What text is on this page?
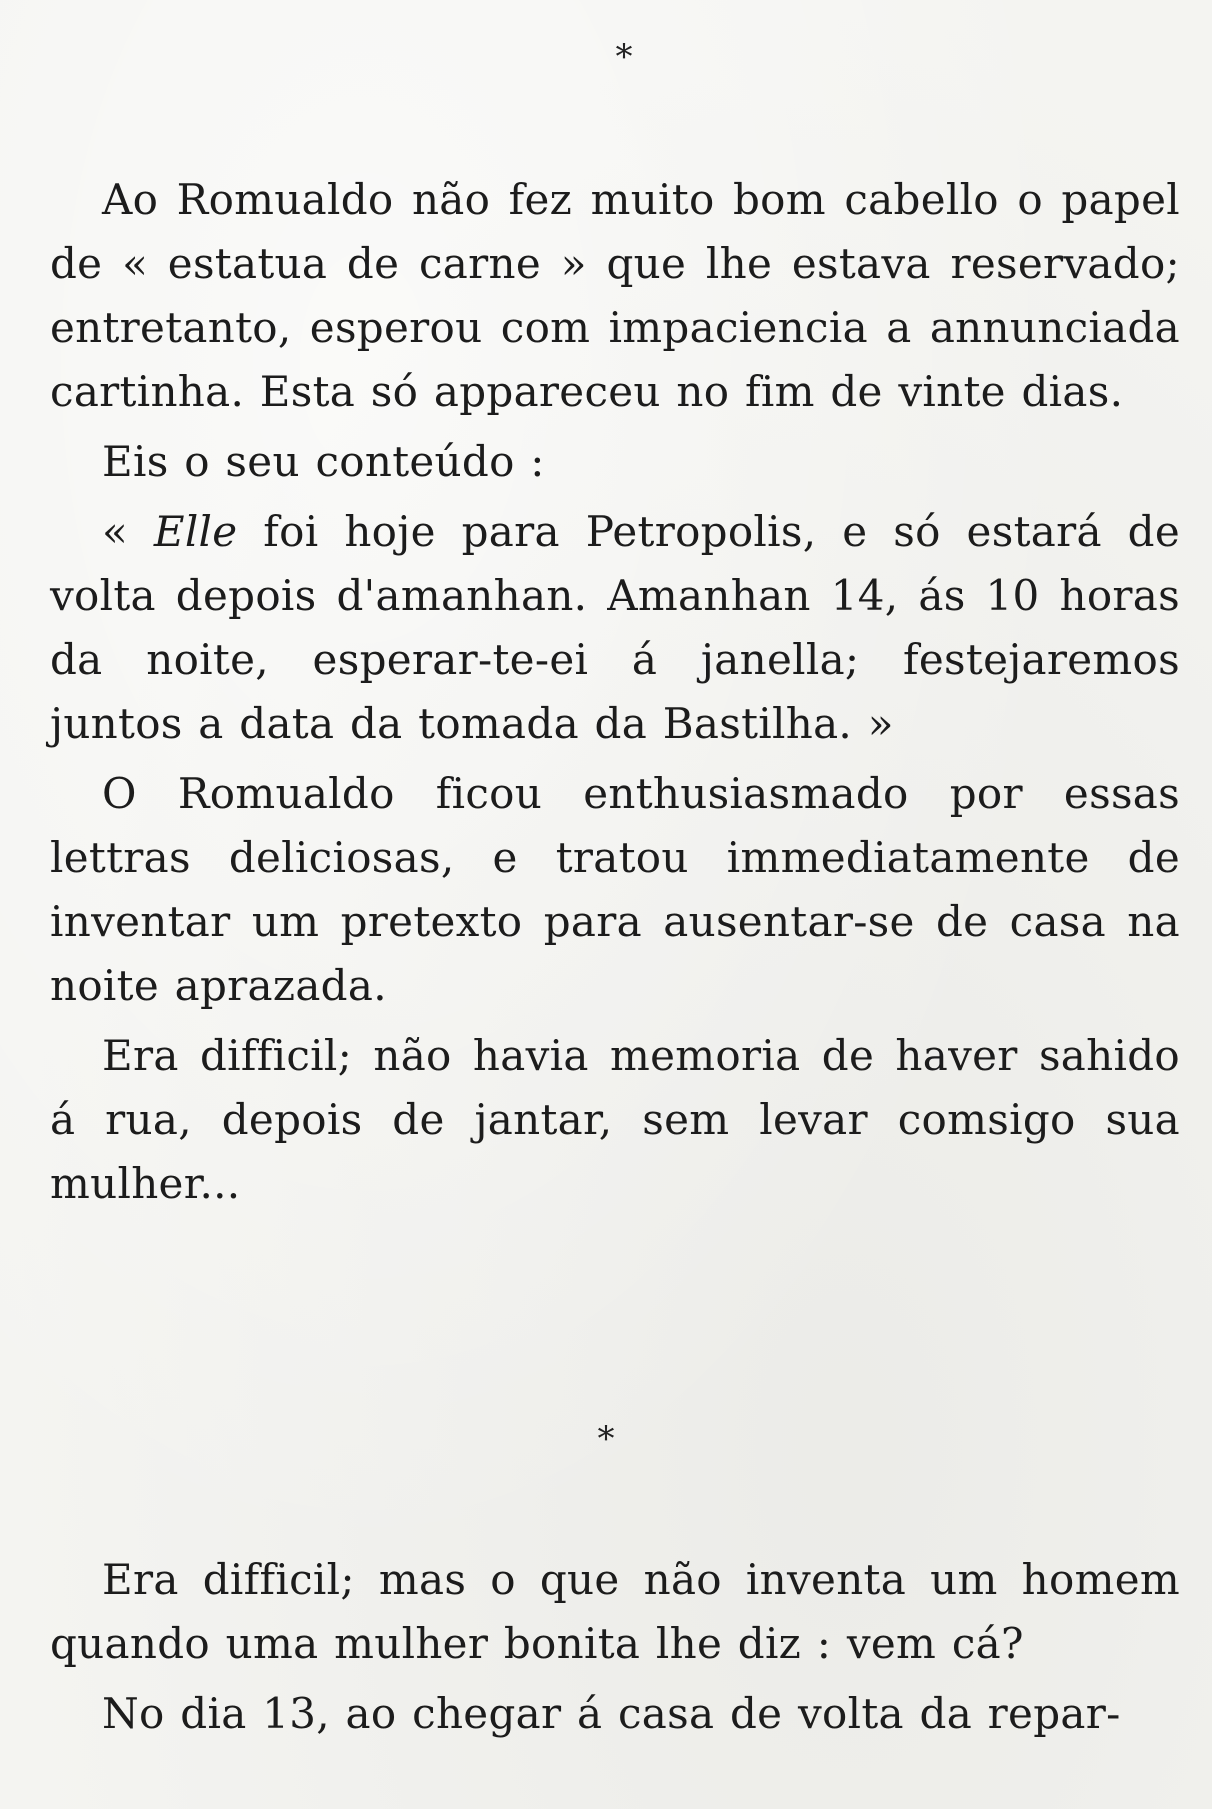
*

Ao Romualdo não fez muito bom cabello o papel de « estatua de carne » que lhe estava reservado; entretanto, esperou com impaciencia a annunciada cartinha. Esta só appareceu no fim de vinte dias.

Eis o seu conteúdo :

« Elle foi hoje para Petropolis, e só estará de volta depois d'amanhan. Amanhan 14, ás 10 horas da noite, esperar-te-ei á janella; festejaremos juntos a data da tomada da Bastilha. »

O Romualdo ficou enthusiasmado por essas lettras deliciosas, e tratou immediatamente de inventar um pretexto para ausentar-se de casa na noite aprazada.

Era difficil; não havia memoria de haver sahido á rua, depois de jantar, sem levar comsigo sua mulher...

*

Era difficil; mas o que não inventa um homem quando uma mulher bonita lhe diz : vem cá?

No dia 13, ao chegar á casa de volta da repar-
